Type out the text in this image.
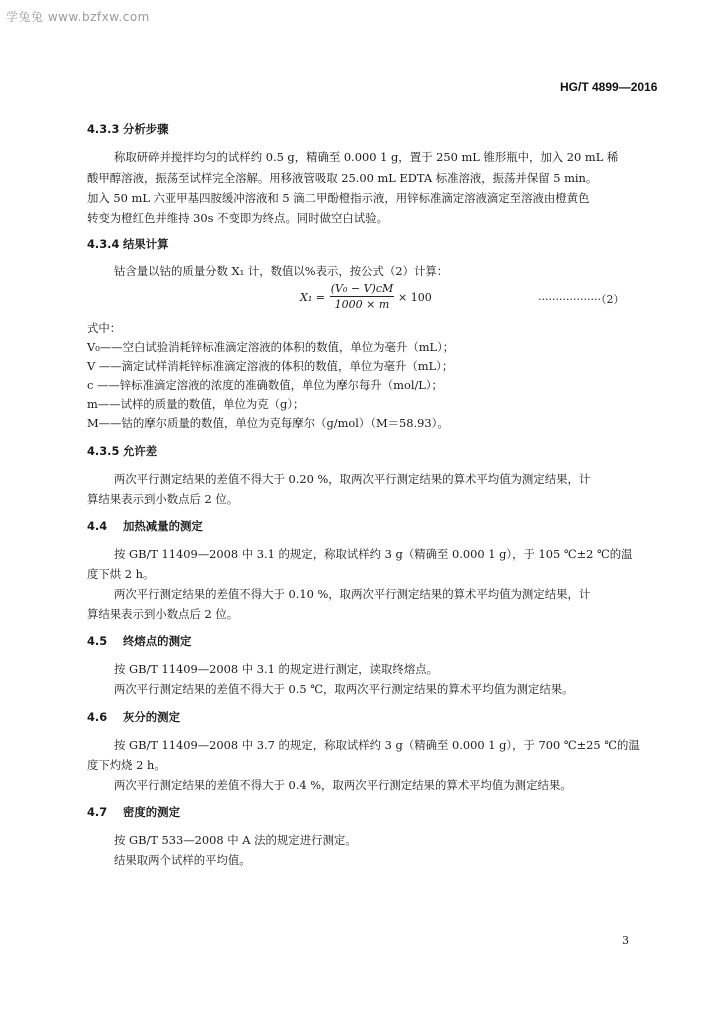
学兔兔 www.bzfxw.com
HG/T 4899—2016
4.3.3 分析步骤
称取研碎并搅拌均匀的试样约 0.5 g，精确至 0.000 1 g，置于 250 mL 锥形瓶中，加入 20 mL 稀
酸甲醇溶液，振荡至试样完全溶解。用移液管吸取 25.00 mL EDTA 标准溶液，振荡并保留 5 min。
加入 50 mL 六亚甲基四胺缓冲溶液和 5 滴二甲酚橙指示液，用锌标准滴定溶液滴定至溶液由橙黄色
转变为橙红色并维持 30s 不变即为终点。同时做空白试验。
4.3.4 结果计算
钴含量以钴的质量分数 X₁ 计，数值以%表示，按公式（2）计算：
$X_1 = \frac{\text{(V₀ − V)cM}}{1000 \times m} \times 100$	··················（2）
式中：
V₀——空白试验消耗锌标准滴定溶液的体积的数值，单位为毫升（mL）；
V ——滴定试样消耗锌标准滴定溶液的体积的数值，单位为毫升（mL）；
c ——锌标准滴定溶液的浓度的准确数值，单位为摩尔每升（mol/L）；
m——试样的质量的数值，单位为克（g）；
M——钴的摩尔质量的数值，单位为克每摩尔（g/mol）（M＝58.93）。
4.3.5 允许差
两次平行测定结果的差值不得大于 0.20 %，取两次平行测定结果的算术平均值为测定结果，计
算结果表示到小数点后 2 位。
4.4 加热减量的测定
按 GB/T 11409—2008 中 3.1 的规定，称取试样约 3 g（精确至 0.000 1 g），于 105 ℃±2 ℃的温
度下烘 2 h。
两次平行测定结果的差值不得大于 0.10 %，取两次平行测定结果的算术平均值为测定结果，计
算结果表示到小数点后 2 位。
4.5 终熔点的测定
按 GB/T 11409—2008 中 3.1 的规定进行测定，读取终熔点。
两次平行测定结果的差值不得大于 0.5 ℃，取两次平行测定结果的算术平均值为测定结果。
4.6 灰分的测定
按 GB/T 11409—2008 中 3.7 的规定，称取试样约 3 g（精确至 0.000 1 g），于 700 ℃±25 ℃的温
度下灼烧 2 h。
两次平行测定结果的差值不得大于 0.4 %，取两次平行测定结果的算术平均值为测定结果。
4.7 密度的测定
按 GB/T 533—2008 中 A 法的规定进行测定。
结果取两个试样的平均值。
3
